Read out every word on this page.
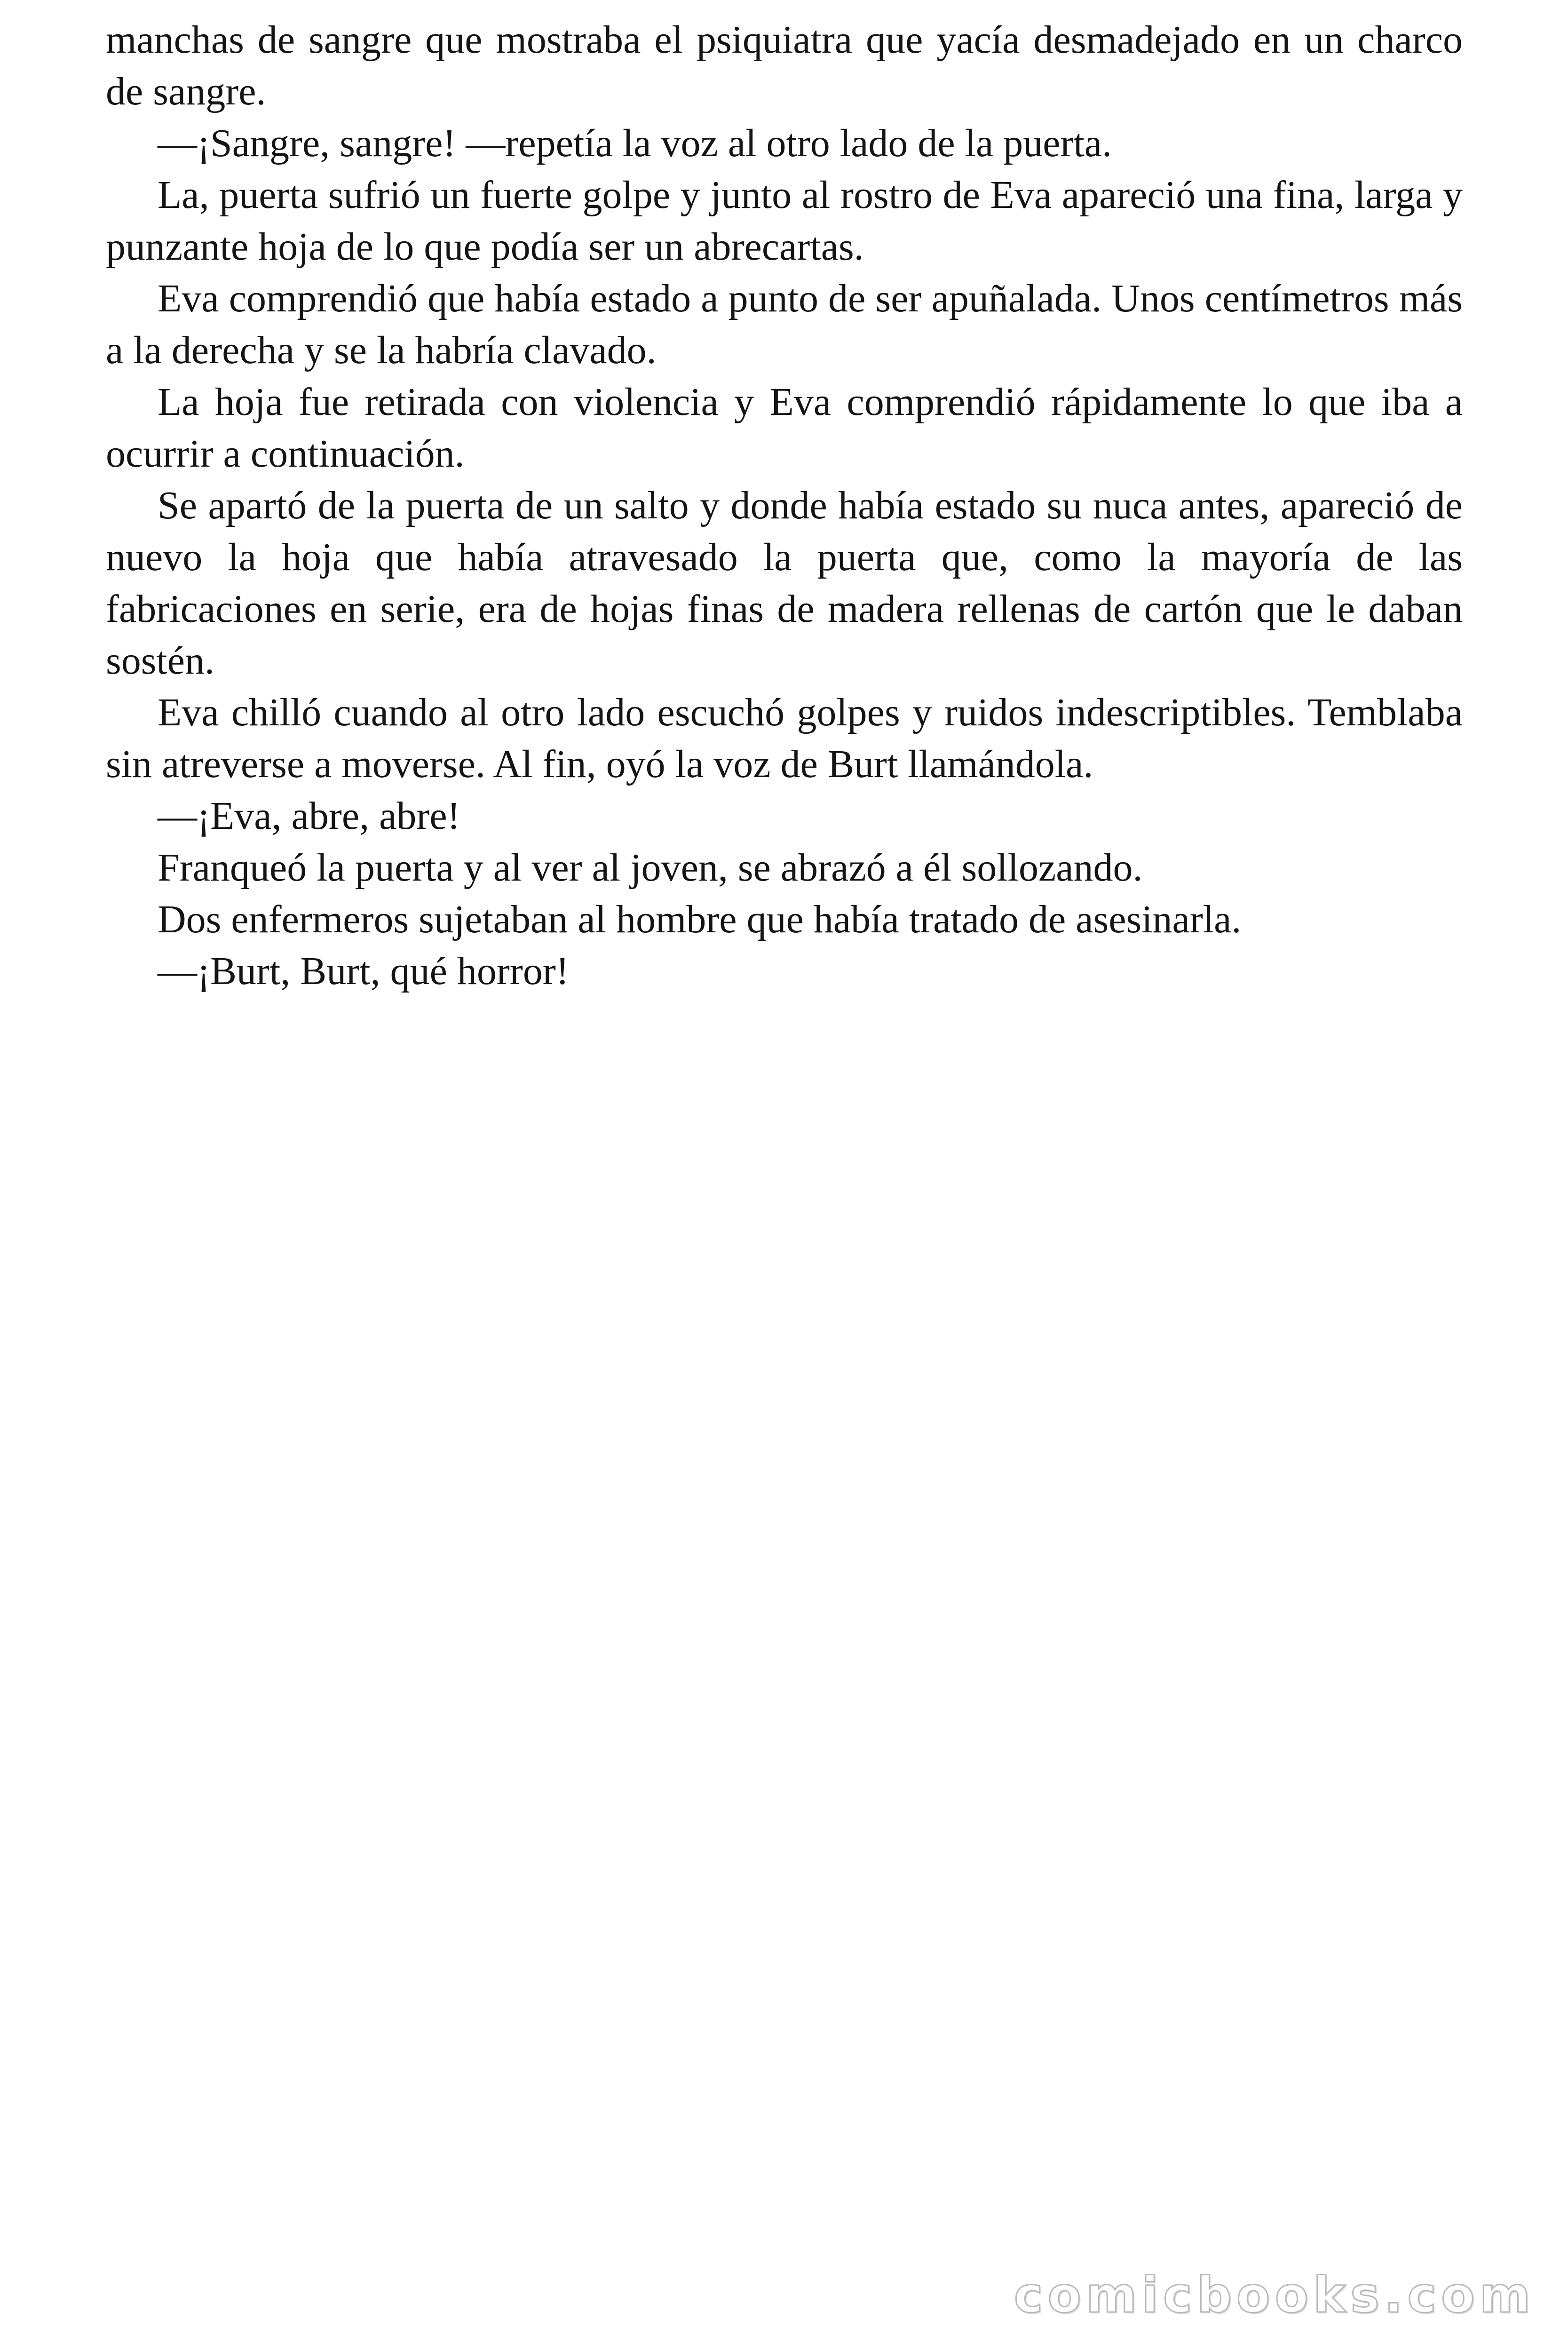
manchas de sangre que mostraba el psiquiatra que yacía desmadejado en un charco de sangre.

—¡Sangre, sangre! —repetía la voz al otro lado de la puerta.

La, puerta sufrió un fuerte golpe y junto al rostro de Eva apareció una fina, larga y punzante hoja de lo que podía ser un abrecartas.

Eva comprendió que había estado a punto de ser apuñalada. Unos centímetros más a la derecha y se la habría clavado.

La hoja fue retirada con violencia y Eva comprendió rápidamente lo que iba a ocurrir a continuación.

Se apartó de la puerta de un salto y donde había estado su nuca antes, apareció de nuevo la hoja que había atravesado la puerta que, como la mayoría de las fabricaciones en serie, era de hojas finas de madera rellenas de cartón que le daban sostén.

Eva chilló cuando al otro lado escuchó golpes y ruidos indescriptibles. Temblaba sin atreverse a moverse. Al fin, oyó la voz de Burt llamándola.

—¡Eva, abre, abre!

Franqueó la puerta y al ver al joven, se abrazó a él sollozando.

Dos enfermeros sujetaban al hombre que había tratado de asesinarla.

—¡Burt, Burt, qué horror!

comicbooks.com
